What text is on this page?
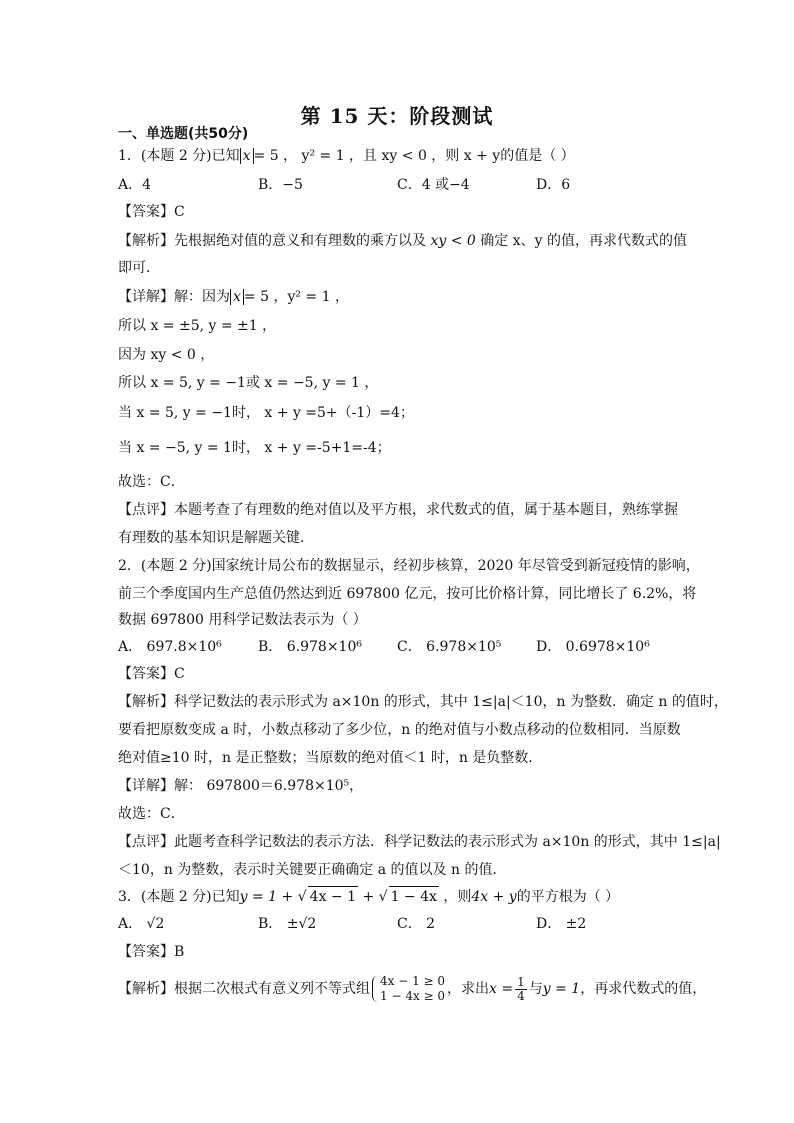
第 15 天：阶段测试
一、单选题(共50分)
1．(本题 2 分)已知 x = 5 ， y² = 1 ，且 xy < 0 ，则 x + y的值是（ ）
A．4	B．−5	C．4 或−4	D．6
【答案】C
【解析】先根据绝对值的意义和有理数的乘方以及 xy < 0 确定 x、y 的值，再求代数式的值
即可．
【详解】解：因为 x = 5 ，y² = 1 ，
所以 x = ±5, y = ±1 ，
因为 xy < 0 ，
所以 x = 5, y = −1或 x = −5, y = 1 ，
当 x = 5, y = −1时， x + y =5+（-1）=4；
当 x = −5, y = 1时， x + y =-5+1=-4；
故选：C．
【点评】本题考查了有理数的绝对值以及平方根，求代数式的值，属于基本题目，熟练掌握
有理数的基本知识是解题关键．
2．(本题 2 分)国家统计局公布的数据显示，经初步核算，2020 年尽管受到新冠疫情的影响，
前三个季度国内生产总值仍然达到近 697800 亿元，按可比价格计算，同比增长了 6.2%，将
数据 697800 用科学记数法表示为（ ）
A． 697.8×10⁶	B． 6.978×10⁶	C． 6.978×10⁵ D． 0.6978×10⁶
【答案】C
【解析】科学记数法的表示形式为 a×10n 的形式，其中 1≤|a|＜10，n 为整数．确定 n 的值时，
要看把原数变成 a 时，小数点移动了多少位，n 的绝对值与小数点移动的位数相同．当原数
绝对值≥10 时，n 是正整数；当原数的绝对值＜1 时，n 是负整数．
【详解】解： 697800＝6.978×10⁵，
故选：C．
【点评】此题考查科学记数法的表示方法．科学记数法的表示形式为 a×10n 的形式，其中 1≤|a|
＜10，n 为整数，表示时关键要正确确定 a 的值以及 n 的值．
3．(本题 2 分)已知y = 1 + √ 4x − 1 + √ 1 − 4x ，则4x + y的平方根为（ ）
A． √2	B． ±√2	C． 2	D． ±2
【答案】B
【解析】根据二次根式有意义列不等式组 4x − 1 ≥ 0
1 − 4x ≥ 0 ，求出$x = \frac{1}{4}$ 与y = 1，再求代数式的值，
